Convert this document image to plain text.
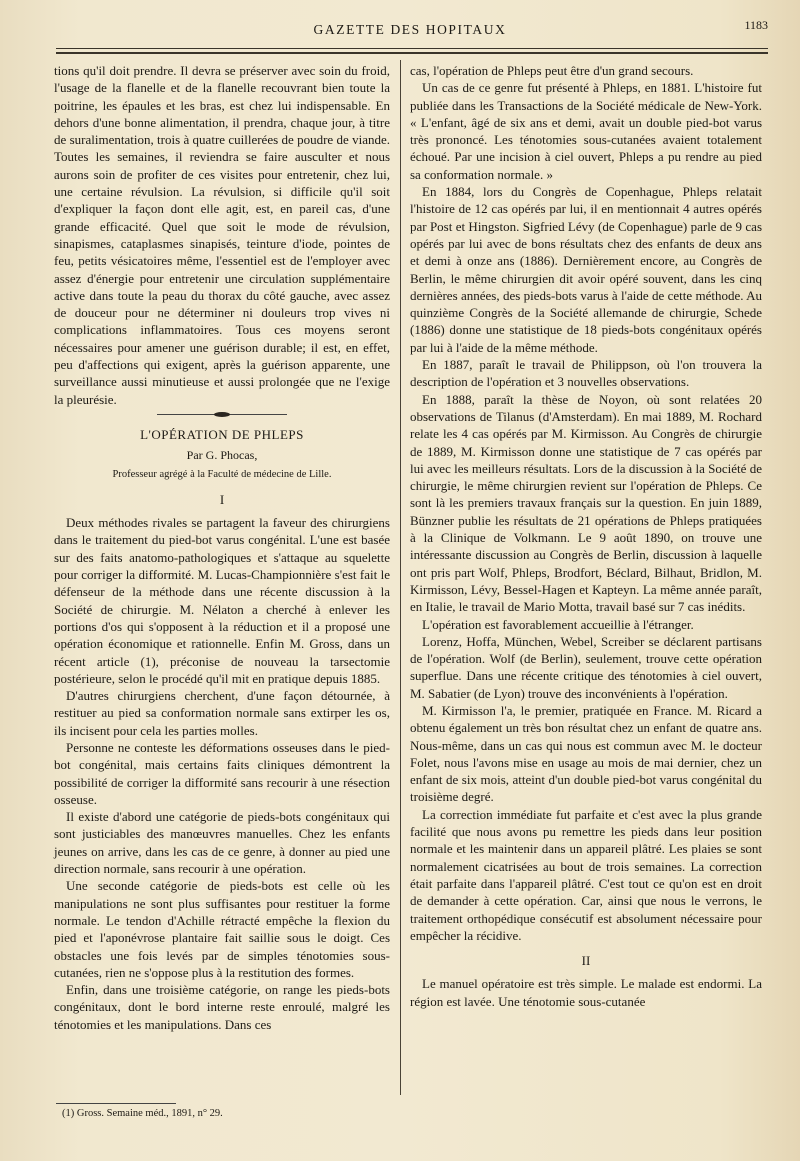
GAZETTE DES HOPITAUX	1183

tions qu'il doit prendre. Il devra se préserver avec soin du froid, l'usage de la flanelle et de la flanelle recouvrant bien toute la poitrine, les épaules et les bras, est chez lui indispensable. En dehors d'une bonne alimentation, il prendra, chaque jour, à titre de suralimentation, trois à quatre cuillerées de poudre de viande. Toutes les semaines, il reviendra se faire ausculter et nous aurons soin de profiter de ces visites pour entretenir, chez lui, une certaine révulsion. La révulsion, si difficile qu'il soit d'expliquer la façon dont elle agit, est, en pareil cas, d'une grande efficacité. Quel que soit le mode de révulsion, sinapismes, cataplasmes sinapisés, teinture d'iode, pointes de feu, petits vésicatoires même, l'essentiel est de l'employer avec assez d'énergie pour entretenir une circulation supplémentaire active dans toute la peau du thorax du côté gauche, avec assez de douceur pour ne déterminer ni douleurs trop vives ni complications inflammatoires. Tous ces moyens seront nécessaires pour amener une guérison durable; il est, en effet, peu d'affections qui exigent, après la guérison apparente, une surveillance aussi minutieuse et aussi prolongée que ne l'exige la pleurésie.

L'OPÉRATION DE PHLEPS
Par G. Phocas,
Professeur agrégé à la Faculté de médecine de Lille.
I

Deux méthodes rivales se partagent la faveur des chirurgiens dans le traitement du pied-bot varus congénital. L'une est basée sur des faits anatomo-pathologiques et s'attaque au squelette pour corriger la difformité. M. Lucas-Championnière s'est fait le défenseur de la méthode dans une récente discussion à la Société de chirurgie. M. Nélaton a cherché à enlever les portions d'os qui s'opposent à la réduction et il a proposé une opération économique et rationnelle. Enfin M. Gross, dans un récent article (1), préconise de nouveau la tarsectomie postérieure, selon le procédé qu'il mit en pratique depuis 1885.

D'autres chirurgiens cherchent, d'une façon détournée, à restituer au pied sa conformation normale sans extirper les os, ils incisent pour cela les parties molles.

Personne ne conteste les déformations osseuses dans le pied-bot congénital, mais certains faits cliniques démontrent la possibilité de corriger la difformité sans recourir à une résection osseuse.

Il existe d'abord une catégorie de pieds-bots congénitaux qui sont justiciables des manœuvres manuelles. Chez les enfants jeunes on arrive, dans les cas de ce genre, à donner au pied une direction normale, sans recourir à une opération.

Une seconde catégorie de pieds-bots est celle où les manipulations ne sont plus suffisantes pour restituer la forme normale. Le tendon d'Achille rétracté empêche la flexion du pied et l'aponévrose plantaire fait saillie sous le doigt. Ces obstacles une fois levés par de simples ténotomies sous-cutanées, rien ne s'oppose plus à la restitution des formes.

Enfin, dans une troisième catégorie, on range les pieds-bots congénitaux, dont le bord interne reste enroulé, malgré les ténotomies et les manipulations. Dans ces

cas, l'opération de Phleps peut être d'un grand secours.

Un cas de ce genre fut présenté à Phleps, en 1881. L'histoire fut publiée dans les Transactions de la Société médicale de New-York. « L'enfant, âgé de six ans et demi, avait un double pied-bot varus très prononcé. Les ténotomies sous-cutanées avaient totalement échoué. Par une incision à ciel ouvert, Phleps a pu rendre au pied sa conformation normale. »

En 1884, lors du Congrès de Copenhague, Phleps relatait l'histoire de 12 cas opérés par lui, il en mentionnait 4 autres opérés par Post et Hingston. Sigfried Lévy (de Copenhague) parle de 9 cas opérés par lui avec de bons résultats chez des enfants de deux ans et demi à onze ans (1886). Dernièrement encore, au Congrès de Berlin, le même chirurgien dit avoir opéré souvent, dans les cinq dernières années, des pieds-bots varus à l'aide de cette méthode. Au quinzième Congrès de la Société allemande de chirurgie, Schede (1886) donne une statistique de 18 pieds-bots congénitaux opérés par lui à l'aide de la même méthode.

En 1887, paraît le travail de Philippson, où l'on trouvera la description de l'opération et 3 nouvelles observations.

En 1888, paraît la thèse de Noyon, où sont relatées 20 observations de Tilanus (d'Amsterdam). En mai 1889, M. Rochard relate les 4 cas opérés par M. Kirmisson. Au Congrès de chirurgie de 1889, M. Kirmisson donne une statistique de 7 cas opérés par lui avec les meilleurs résultats. Lors de la discussion à la Société de chirurgie, le même chirurgien revient sur l'opération de Phleps. Ce sont là les premiers travaux français sur la question. En juin 1889, Bünzner publie les résultats de 21 opérations de Phleps pratiquées à la Clinique de Volkmann. Le 9 août 1890, on trouve une intéressante discussion au Congrès de Berlin, discussion à laquelle ont pris part Wolf, Phleps, Brodfort, Béclard, Bilhaut, Bridlon, M. Kirmisson, Lévy, Bessel-Hagen et Kapteyn. La même année paraît, en Italie, le travail de Mario Motta, travail basé sur 7 cas inédits.

L'opération est favorablement accueillie à l'étranger.

Lorenz, Hoffa, München, Webel, Screiber se déclarent partisans de l'opération. Wolf (de Berlin), seulement, trouve cette opération superflue. Dans une récente critique des ténotomies à ciel ouvert, M. Sabatier (de Lyon) trouve des inconvénients à l'opération.

M. Kirmisson l'a, le premier, pratiquée en France. M. Ricard a obtenu également un très bon résultat chez un enfant de quatre ans. Nous-même, dans un cas qui nous est commun avec M. le docteur Folet, nous l'avons mise en usage au mois de mai dernier, chez un enfant de six mois, atteint d'un double pied-bot varus congénital du troisième degré.

La correction immédiate fut parfaite et c'est avec la plus grande facilité que nous avons pu remettre les pieds dans leur position normale et les maintenir dans un appareil plâtré. Les plaies se sont normalement cicatrisées au bout de trois semaines. La correction était parfaite dans l'appareil plâtré. C'est tout ce qu'on est en droit de demander à cette opération. Car, ainsi que nous le verrons, le traitement orthopédique consécutif est absolument nécessaire pour empêcher la récidive.

II

Le manuel opératoire est très simple. Le malade est endormi. La région est lavée. Une ténotomie sous-cutanée

(1) Gross. Semaine méd., 1891, n° 29.
